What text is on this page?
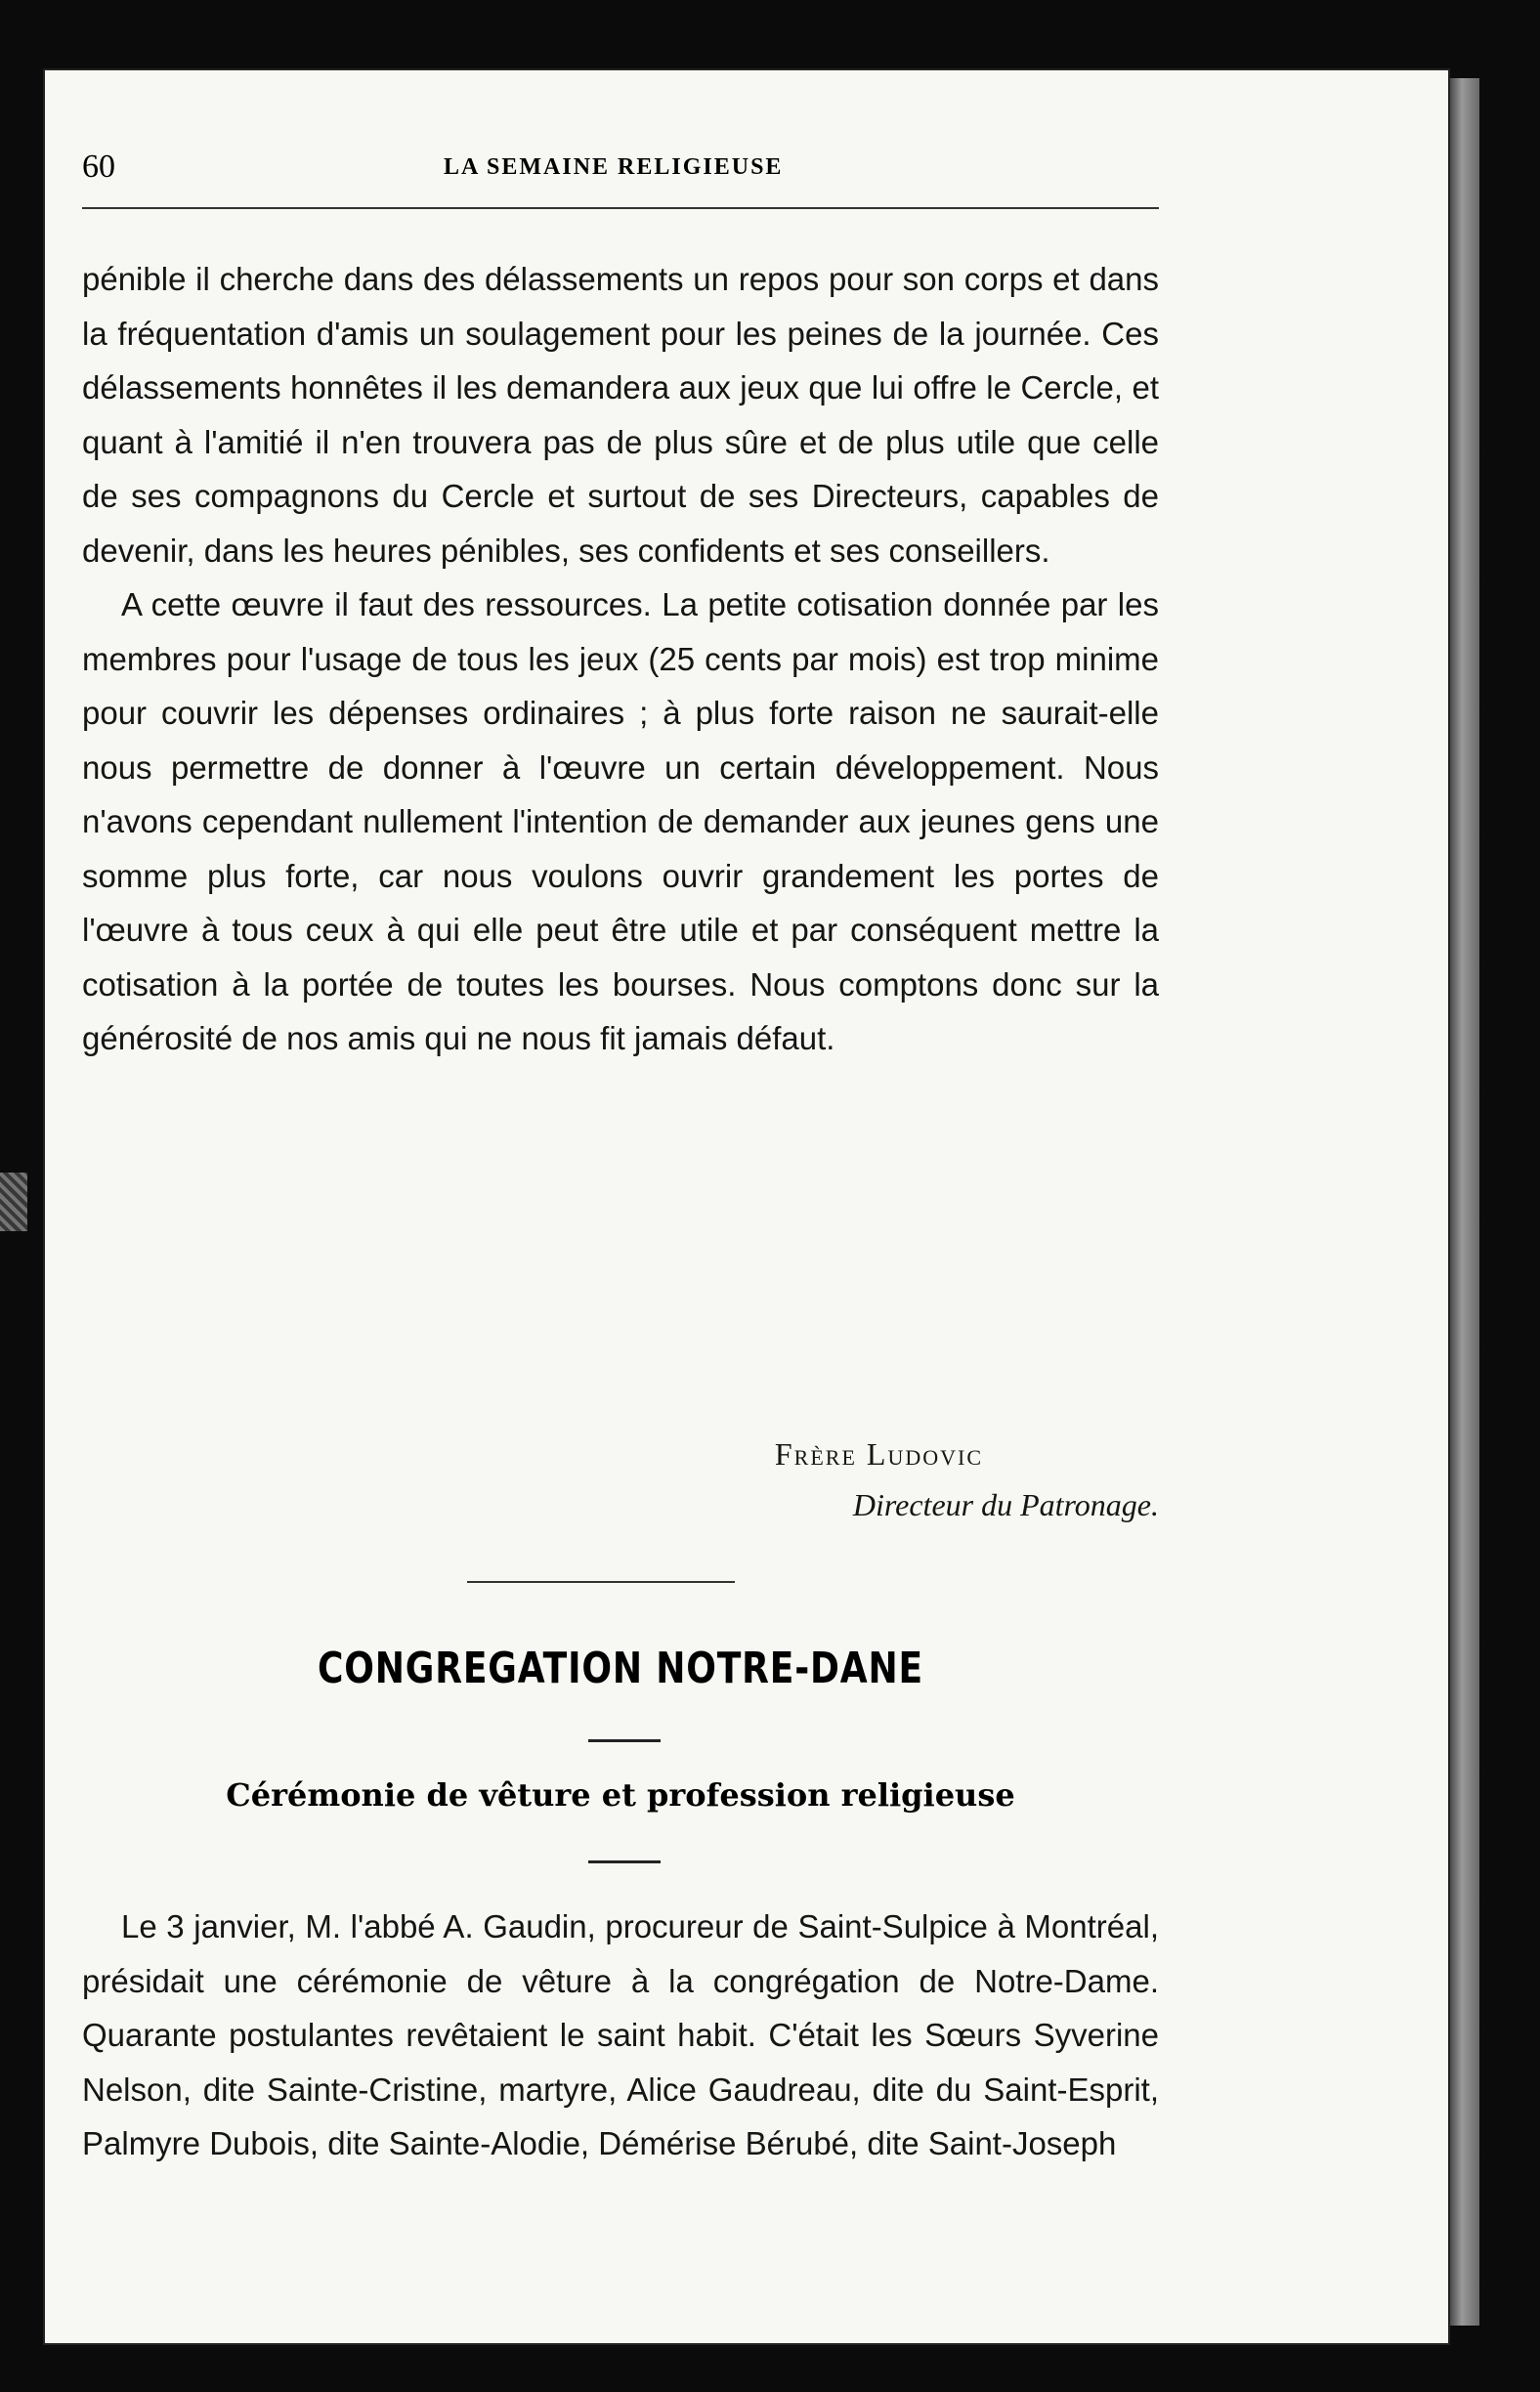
60	LA SEMAINE RELIGIEUSE

pénible il cherche dans des délassements un repos pour son corps et dans la fréquentation d'amis un soulagement pour les peines de la journée. Ces délassements honnêtes il les demandera aux jeux que lui offre le Cercle, et quant à l'amitié il n'en trouvera pas de plus sûre et de plus utile que celle de ses compagnons du Cercle et surtout de ses Directeurs, capables de devenir, dans les heures pénibles, ses confidents et ses conseillers.

A cette œuvre il faut des ressources. La petite cotisation donnée par les membres pour l'usage de tous les jeux (25 cents par mois) est trop minime pour couvrir les dépenses ordinaires ; à plus forte raison ne saurait-elle nous permettre de donner à l'œuvre un certain développement. Nous n'avons cependant nullement l'intention de demander aux jeunes gens une somme plus forte, car nous voulons ouvrir grandement les portes de l'œuvre à tous ceux à qui elle peut être utile et par conséquent mettre la cotisation à la portée de toutes les bourses. Nous comptons donc sur la générosité de nos amis qui ne nous fit jamais défaut.

Frère Ludovic
Directeur du Patronage.
CONGREGATION NOTRE-DANE
Cérémonie de vêture et profession religieuse

Le 3 janvier, M. l'abbé A. Gaudin, procureur de Saint-Sulpice à Montréal, présidait une cérémonie de vêture à la congrégation de Notre-Dame. Quarante postulantes revêtaient le saint habit. C'était les Sœurs Syverine Nelson, dite Sainte-Cristine, martyre, Alice Gaudreau, dite du Saint-Esprit, Palmyre Dubois, dite Sainte-Alodie, Démérise Bérubé, dite Saint-Joseph
